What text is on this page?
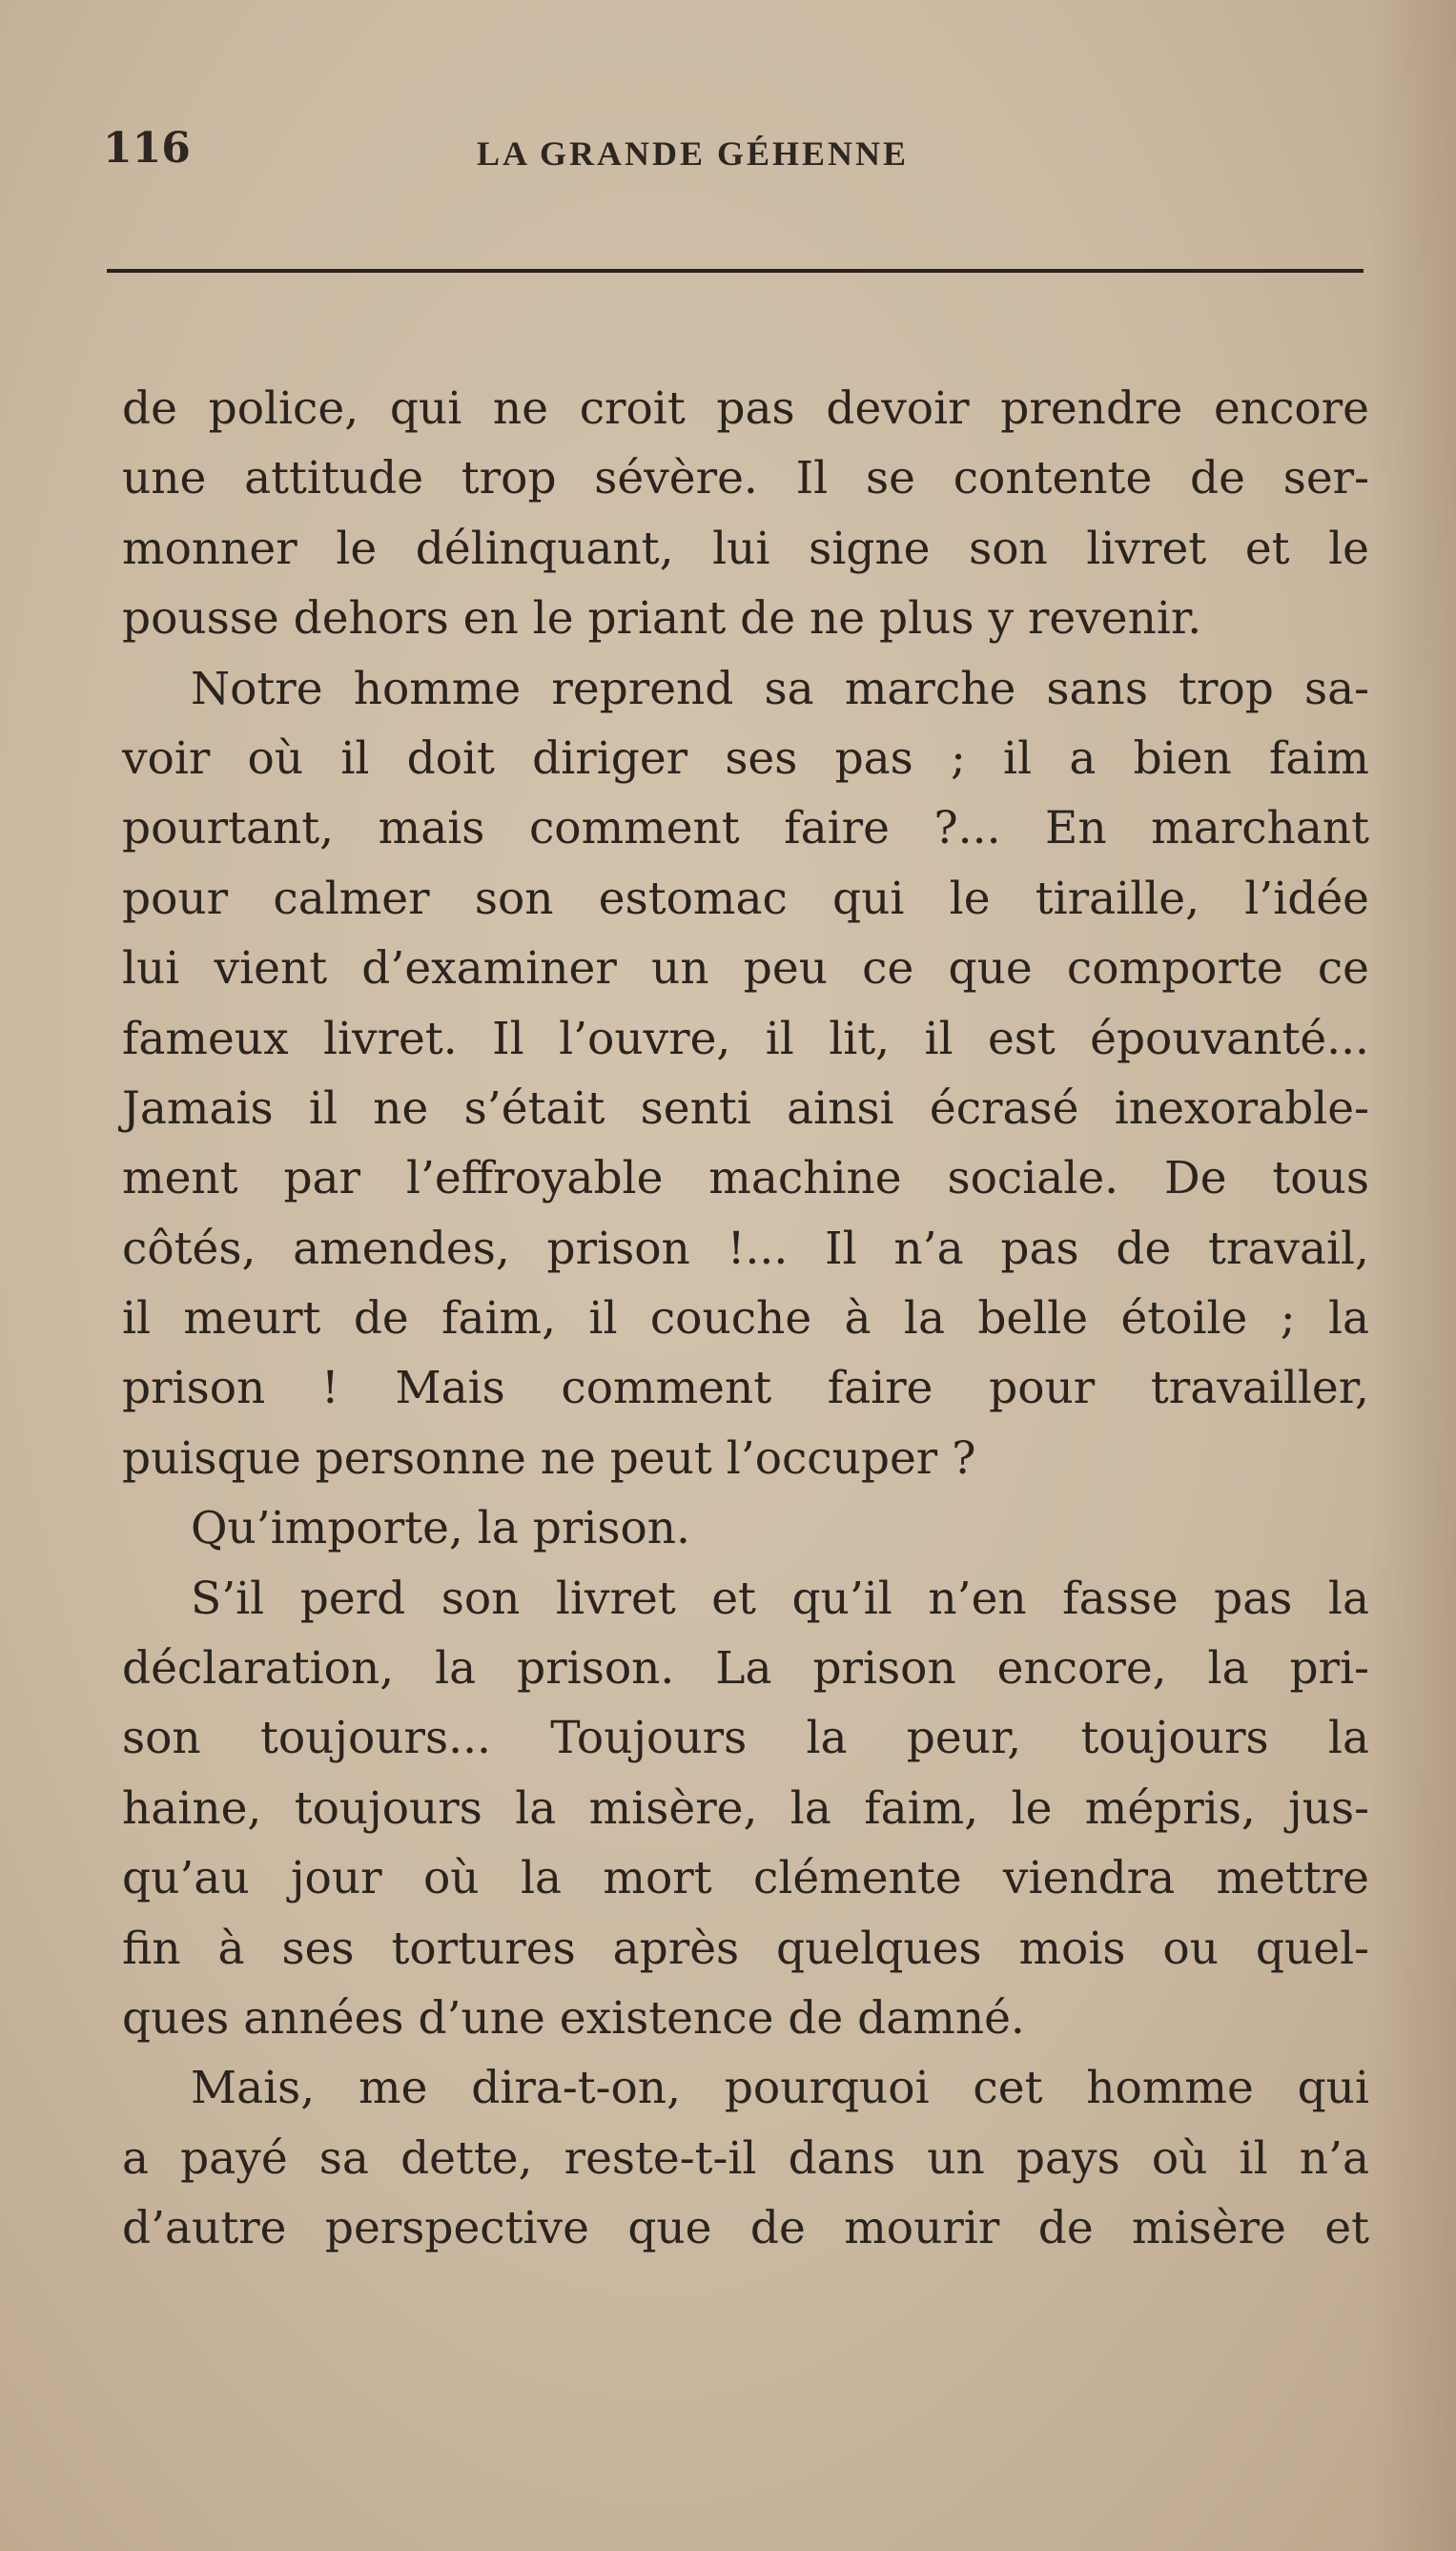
116	LA GRANDE GÉHENNE
de police, qui ne croit pas devoir prendre encore
une attitude trop sévère. Il se contente de ser-
monner le délinquant, lui signe son livret et le
pousse dehors en le priant de ne plus y revenir.
Notre homme reprend sa marche sans trop sa-
voir où il doit diriger ses pas ; il a bien faim
pourtant, mais comment faire ?... En marchant
pour calmer son estomac qui le tiraille, l’idée
lui vient d’examiner un peu ce que comporte ce
fameux livret. Il l’ouvre, il lit, il est épouvanté...
Jamais il ne s’était senti ainsi écrasé inexorable-
ment par l’effroyable machine sociale. De tous
côtés, amendes, prison !... Il n’a pas de travail,
il meurt de faim, il couche à la belle étoile ; la
prison ! Mais comment faire pour travailler,
puisque personne ne peut l’occuper ?
Qu’importe, la prison.
S’il perd son livret et qu’il n’en fasse pas la
déclaration, la prison. La prison encore, la pri-
son toujours... Toujours la peur, toujours la
haine, toujours la misère, la faim, le mépris, jus-
qu’au jour où la mort clémente viendra mettre
fin à ses tortures après quelques mois ou quel-
ques années d’une existence de damné.
Mais, me dira-t-on, pourquoi cet homme qui
a payé sa dette, reste-t-il dans un pays où il n’a
d’autre perspective que de mourir de misère et
